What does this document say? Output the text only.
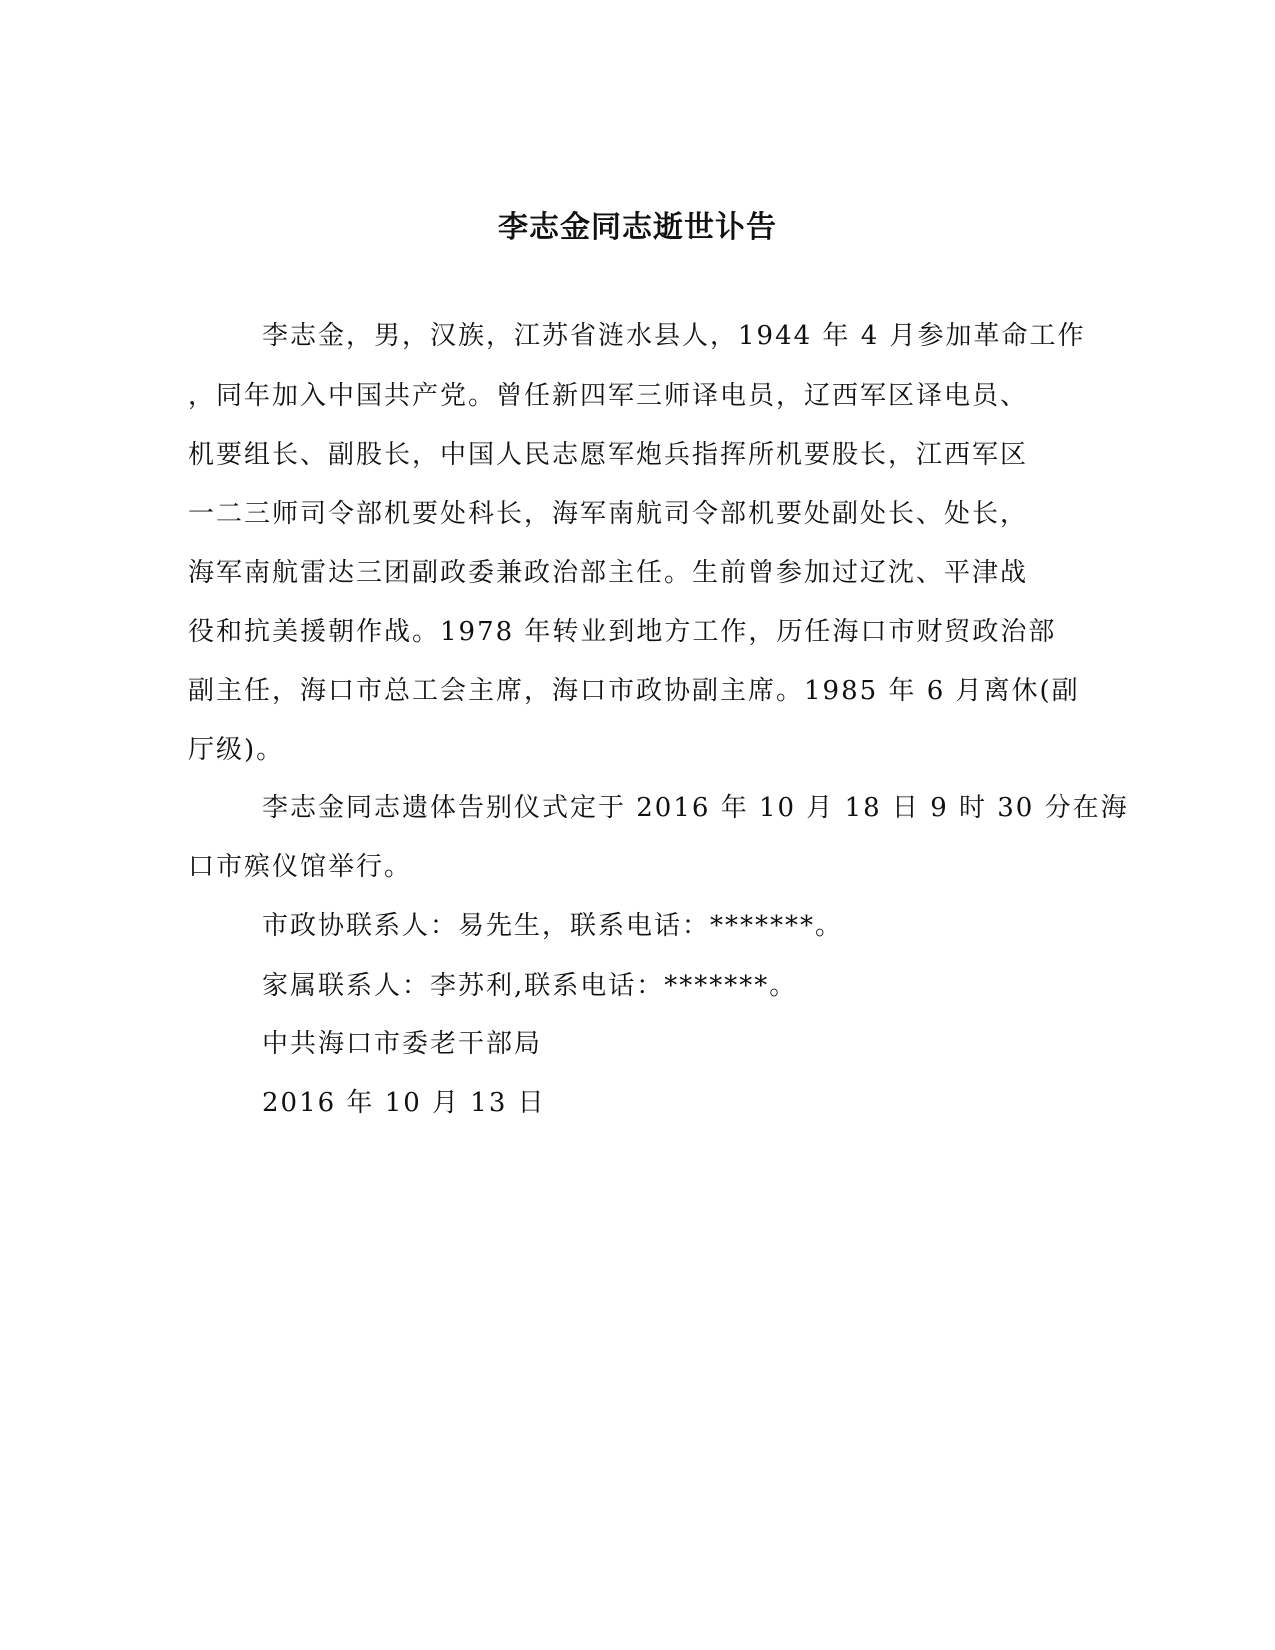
李志金同志逝世讣告
李志金，男，汉族，江苏省涟水县人，1944 年 4 月参加革命工作
，同年加入中国共产党。曾任新四军三师译电员，辽西军区译电员、
机要组长、副股长，中国人民志愿军炮兵指挥所机要股长，江西军区
一二三师司令部机要处科长，海军南航司令部机要处副处长、处长，
海军南航雷达三团副政委兼政治部主任。生前曾参加过辽沈、平津战
役和抗美援朝作战。1978 年转业到地方工作，历任海口市财贸政治部
副主任，海口市总工会主席，海口市政协副主席。1985 年 6 月离休(副
厅级)。
李志金同志遗体告别仪式定于 2016 年 10 月 18 日 9 时 30 分在海
口市殡仪馆举行。
市政协联系人：易先生，联系电话：*******。
家属联系人：李苏利,联系电话：*******。
中共海口市委老干部局
2016 年 10 月 13 日
